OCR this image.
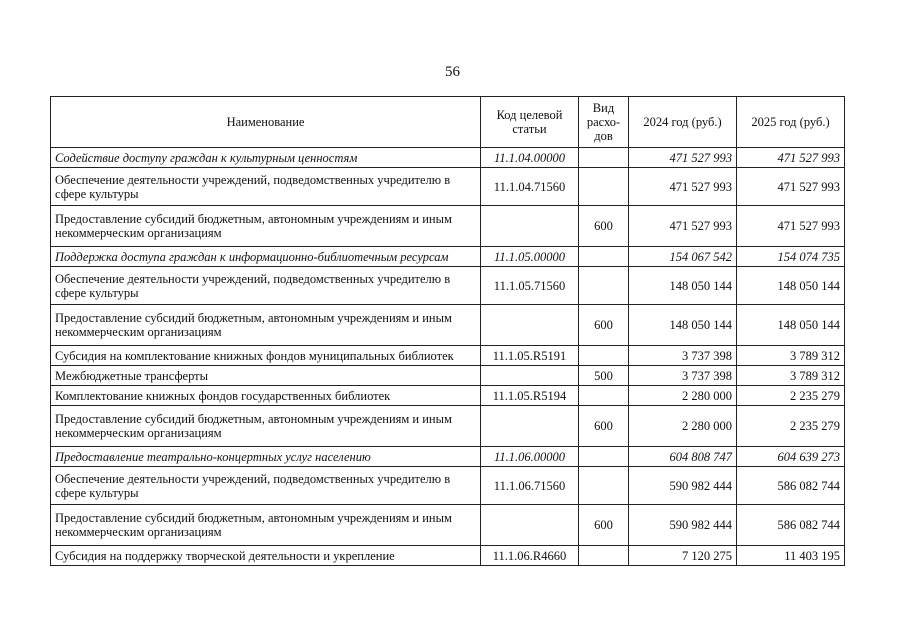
56
Наименование	Код целевой статьи	Вид расхо-дов	2024 год (руб.)	2025 год (руб.)
Содействие доступу граждан к культурным ценностям	11.1.04.00000		471 527 993	471 527 993
Обеспечение деятельности учреждений, подведомственных учредителю в сфере культуры	11.1.04.71560		471 527 993	471 527 993
Предоставление субсидий бюджетным, автономным учреждениям и иным некоммерческим организациям		600	471 527 993	471 527 993
Поддержка доступа граждан к информационно-библиотечным ресурсам	11.1.05.00000		154 067 542	154 074 735
Обеспечение деятельности учреждений, подведомственных учредителю в сфере культуры	11.1.05.71560		148 050 144	148 050 144
Предоставление субсидий бюджетным, автономным учреждениям и иным некоммерческим организациям		600	148 050 144	148 050 144
Субсидия на комплектование книжных фондов муниципальных библиотек	11.1.05.R5191		3 737 398	3 789 312
Межбюджетные трансферты		500	3 737 398	3 789 312
Комплектование книжных фондов государственных библиотек	11.1.05.R5194		2 280 000	2 235 279
Предоставление субсидий бюджетным, автономным учреждениям и иным некоммерческим организациям		600	2 280 000	2 235 279
Предоставление театрально-концертных услуг населению	11.1.06.00000		604 808 747	604 639 273
Обеспечение деятельности учреждений, подведомственных учредителю в сфере культуры	11.1.06.71560		590 982 444	586 082 744
Предоставление субсидий бюджетным, автономным учреждениям и иным некоммерческим организациям		600	590 982 444	586 082 744
Субсидия на поддержку творческой деятельности и укрепление	11.1.06.R4660		7 120 275	11 403 195
